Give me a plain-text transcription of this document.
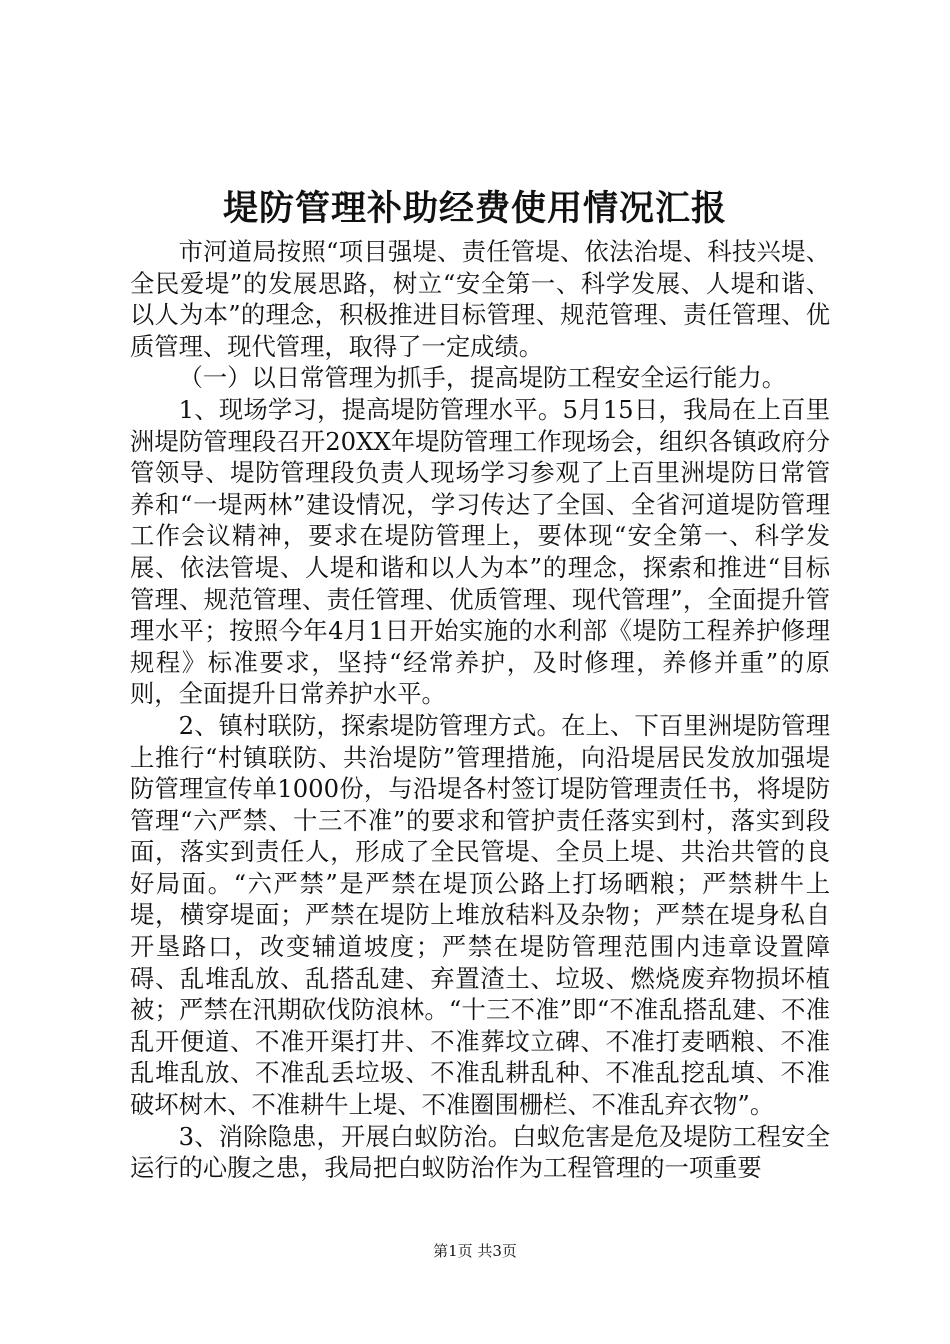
堤防管理补助经费使用情况汇报

市河道局按照“项目强堤、责任管堤、依法治堤、科技兴堤、全民爱堤”的发展思路，树立“安全第一、科学发展、人堤和谐、以人为本”的理念，积极推进目标管理、规范管理、责任管理、优质管理、现代管理，取得了一定成绩。

（一）以日常管理为抓手，提高堤防工程安全运行能力。

1、现场学习，提高堤防管理水平。5月15日，我局在上百里洲堤防管理段召开20XX年堤防管理工作现场会，组织各镇政府分管领导、堤防管理段负责人现场学习参观了上百里洲堤防日常管养和“一堤两林”建设情况，学习传达了全国、全省河道堤防管理工作会议精神，要求在堤防管理上，要体现“安全第一、科学发展、依法管堤、人堤和谐和以人为本”的理念，探索和推进“目标管理、规范管理、责任管理、优质管理、现代管理”，全面提升管理水平；按照今年4月1日开始实施的水利部《堤防工程养护修理规程》标准要求，坚持“经常养护，及时修理，养修并重”的原则，全面提升日常养护水平。

2、镇村联防，探索堤防管理方式。在上、下百里洲堤防管理上推行“村镇联防、共治堤防”管理措施，向沿堤居民发放加强堤防管理宣传单1000份，与沿堤各村签订堤防管理责任书，将堤防管理“六严禁、十三不准”的要求和管护责任落实到村，落实到段面，落实到责任人，形成了全民管堤、全员上堤、共治共管的良好局面。“六严禁”是严禁在堤顶公路上打场晒粮；严禁耕牛上堤，横穿堤面；严禁在堤防上堆放秸料及杂物；严禁在堤身私自开垦路口，改变辅道坡度；严禁在堤防管理范围内违章设置障碍、乱堆乱放、乱搭乱建、弃置渣土、垃圾、燃烧废弃物损坏植被；严禁在汛期砍伐防浪林。“十三不准”即“不准乱搭乱建、不准乱开便道、不准开渠打井、不准葬坟立碑、不准打麦晒粮、不准乱堆乱放、不准乱丢垃圾、不准乱耕乱种、不准乱挖乱填、不准破坏树木、不准耕牛上堤、不准圈围栅栏、不准乱弃衣物”。

3、消除隐患，开展白蚁防治。白蚁危害是危及堤防工程安全运行的心腹之患，我局把白蚁防治作为工程管理的一项重要

第1页 共3页
